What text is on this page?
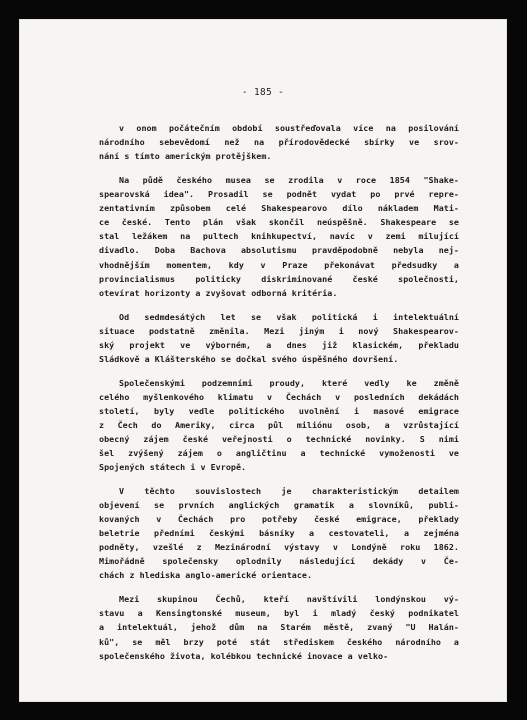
- 185 -
v onom počátečním období soustřeďovala více na posilování
národního sebevědomí než na přírodovědecké sbírky ve srov-
nání s tímto americkým protějškem.
Na půdě českého musea se zrodila v roce 1854 "Shake-
spearovská idea". Prosadil se podnět vydat po prvé repre-
zentativním způsobem celé Shakespearovo dílo nákladem Mati-
ce české. Tento plán však skončil neúspěšně. Shakespeare se
stal ležákem na pultech knihkupectví, navíc v zemi milující
divadlo. Doba Bachova absolutismu pravděpodobně nebyla nej-
vhodnějším momentem, kdy v Praze překonávat předsudky a
provincialismus politicky diskriminované české společnosti,
otevírat horizonty a zvyšovat odborná kritéria.
Od sedmdesátých let se však politická i intelektuální
situace podstatně změnila. Mezi jiným i nový Shakespearov-
ský projekt ve výborném, a dnes již klasickém, překladu
Sládkově a Klášterského se dočkal svého úspěšného dovršení.
Společenskými podzemními proudy, které vedly ke změně
celého myšlenkového klimatu v Čechách v posledních dekádách
století, byly vedle politického uvolnění i masové emigrace
z Čech do Ameriky, circa půl miliónu osob, a vzrůstající
obecný zájem české veřejnosti o technické novinky. S nimi
šel zvýšený zájem o angličtinu a technické vymoženosti ve
Spojených státech i v Evropě.
V těchto souvislostech je charakteristickým detailem
objevení se prvních anglických gramatik a slovníků, publi-
kovaných v Čechách pro potřeby české emigrace, překlady
beletrie předními českými básníky a cestovateli, a zejména
podněty, vzešlé z Mezinárodní výstavy v Londýně roku 1862.
Mimořádně společensky oplodnily následující dekády v Če-
chách z hlediska anglo-americké orientace.
Mezi skupinou Čechů, kteří navštívili londýnskou vý-
stavu a Kensingtonské museum, byl i mladý český podnikatel
a intelektuál, jehož dům na Starém městě, zvaný "U Halán-
ků", se měl brzy poté stát střediskem českého národního a
společenského života, kolébkou technické inovace a velko-
